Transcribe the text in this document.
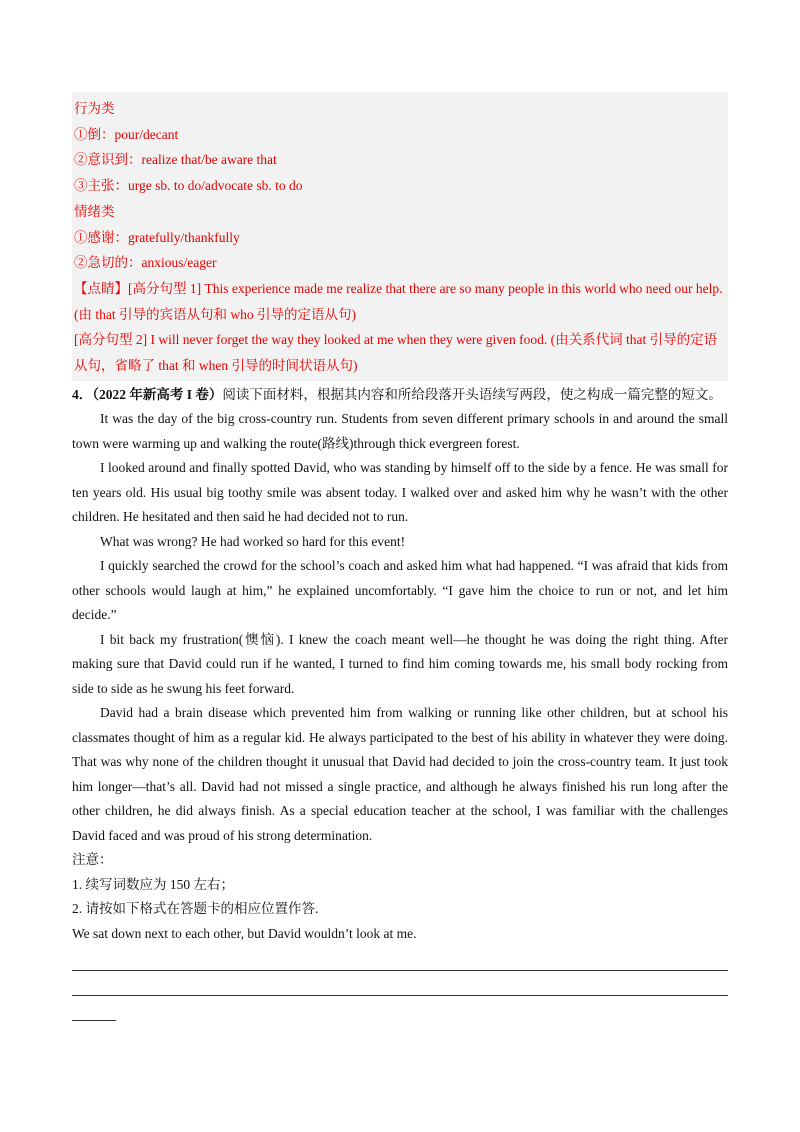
行为类
①倒：pour/decant
②意识到：realize that/be aware that
③主张：urge sb. to do/advocate sb. to do
情绪类
①感谢：gratefully/thankfully
②急切的：anxious/eager
【点睛】[高分句型 1] This experience made me realize that there are so many people in this world who need our help. (由 that 引导的宾语从句和 who 引导的定语从句)
[高分句型 2] I will never forget the way they looked at me when they were given food. (由关系代词 that 引导的定语从句，省略了 that 和 when 引导的时间状语从句)
4．（2022 年新高考 I 卷）阅读下面材料，根据其内容和所给段落开头语续写两段，使之构成一篇完整的短文。
It was the day of the big cross-country run. Students from seven different primary schools in and around the small town were warming up and walking the route(路线)through thick evergreen forest.
I looked around and finally spotted David, who was standing by himself off to the side by a fence. He was small for ten years old. His usual big toothy smile was absent today. I walked over and asked him why he wasn’t with the other children. He hesitated and then said he had decided not to run.
What was wrong? He had worked so hard for this event!
I quickly searched the crowd for the school’s coach and asked him what had happened. “I was afraid that kids from other schools would laugh at him,” he explained uncomfortably. “I gave him the choice to run or not, and let him decide.”
I bit back my frustration(懊恼). I knew the coach meant well—he thought he was doing the right thing. After making sure that David could run if he wanted, I turned to find him coming towards me, his small body rocking from side to side as he swung his feet forward.
David had a brain disease which prevented him from walking or running like other children, but at school his classmates thought of him as a regular kid. He always participated to the best of his ability in whatever they were doing. That was why none of the children thought it unusual that David had decided to join the cross-country team. It just took him longer—that’s all. David had not missed a single practice, and although he always finished his run long after the other children, he did always finish. As a special education teacher at the school, I was familiar with the challenges David faced and was proud of his strong determination.
注意：
1. 续写词数应为 150 左右；
2. 请按如下格式在答题卡的相应位置作答.
We sat down next to each other, but David wouldn’t look at me.
